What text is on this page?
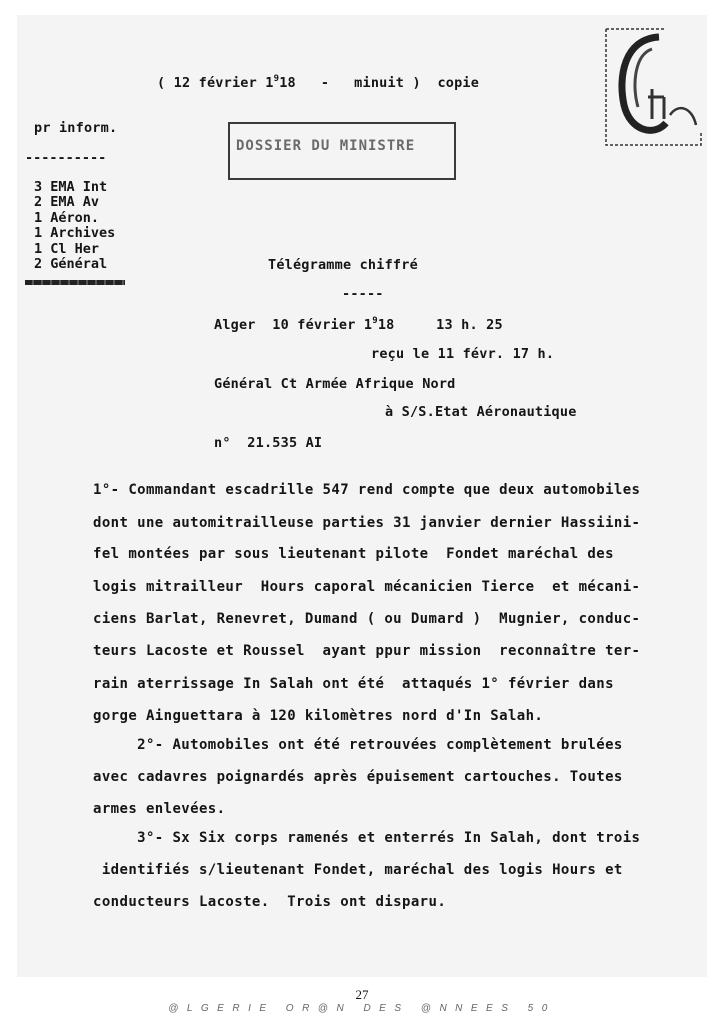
( 12 février $1^918$   -   minuit )  copie
pr inform.
DOSSIER DU MINISTRE
----------
3 EMA Int
2 EMA Av
1 Aéron.
1 Archives
1 Cl Her
2 Général	Télégramme chiffré
-----
Alger  10 février $1^918$     13 h. 25
reçu le 11 févr. 17 h.
Général Ct Armée Afrique Nord
à S/S.Etat Aéronautique
n°  21.535 AI
1°- Commandant escadrille 547 rend compte que deux automobiles
dont une automitrailleuse parties 31 janvier dernier Hassiini-
fel montées par sous lieutenant pilote  Fondet maréchal des
logis mitrailleur  Hours caporal mécanicien Tierce  et mécani-
ciens Barlat, Renevret, Dumand ( ou Dumard )  Mugnier, conduc-
teurs Lacoste et Roussel  ayant ppur mission  reconnaître ter-
rain aterrissage In Salah ont été  attaqués 1° février dans
gorge Ainguettara à 120 kilomètres nord d'In Salah.
2°- Automobiles ont été retrouvées complètement brulées
avec cadavres poignardés après épuisement cartouches. Toutes
armes enlevées.
3°- Sx Six corps ramenés et enterrés In Salah, dont trois
identifiés s/lieutenant Fondet, maréchal des logis Hours et
conducteurs Lacoste.  Trois ont disparu.
27
@LGERIE OR@N DES @NNEES 50
